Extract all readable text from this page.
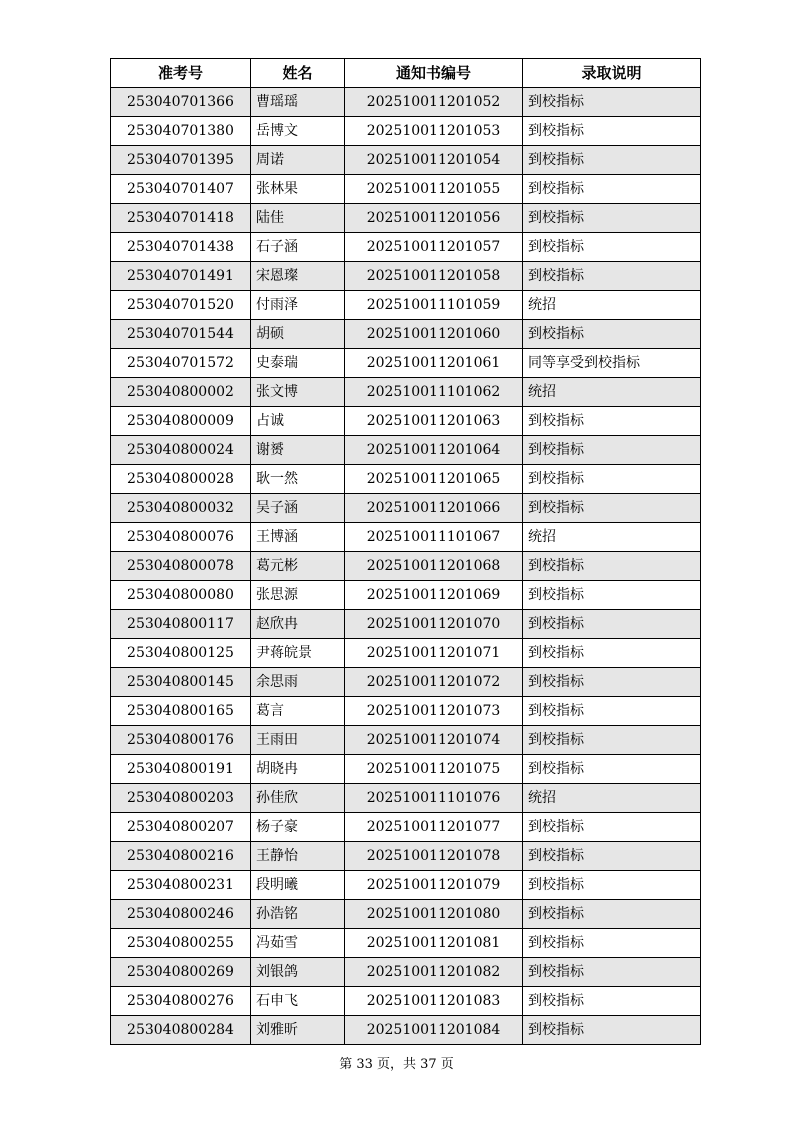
准考号	姓名	通知书编号	录取说明
253040701366	曹瑶瑶	202510011201052	到校指标
253040701380	岳博文	202510011201053	到校指标
253040701395	周诺	202510011201054	到校指标
253040701407	张林果	202510011201055	到校指标
253040701418	陆佳	202510011201056	到校指标
253040701438	石子涵	202510011201057	到校指标
253040701491	宋恩璨	202510011201058	到校指标
253040701520	付雨泽	202510011101059	统招
253040701544	胡硕	202510011201060	到校指标
253040701572	史泰瑞	202510011201061	同等享受到校指标
253040800002	张文博	202510011101062	统招
253040800009	占诚	202510011201063	到校指标
253040800024	谢赟	202510011201064	到校指标
253040800028	耿一然	202510011201065	到校指标
253040800032	吴子涵	202510011201066	到校指标
253040800076	王博涵	202510011101067	统招
253040800078	葛元彬	202510011201068	到校指标
253040800080	张思源	202510011201069	到校指标
253040800117	赵欣冉	202510011201070	到校指标
253040800125	尹蒋皖景	202510011201071	到校指标
253040800145	余思雨	202510011201072	到校指标
253040800165	葛言	202510011201073	到校指标
253040800176	王雨田	202510011201074	到校指标
253040800191	胡晓冉	202510011201075	到校指标
253040800203	孙佳欣	202510011101076	统招
253040800207	杨子豪	202510011201077	到校指标
253040800216	王静怡	202510011201078	到校指标
253040800231	段明曦	202510011201079	到校指标
253040800246	孙浩铭	202510011201080	到校指标
253040800255	冯茹雪	202510011201081	到校指标
253040800269	刘银鸽	202510011201082	到校指标
253040800276	石申飞	202510011201083	到校指标
253040800284	刘雅昕	202510011201084	到校指标
第 33 页，共 37 页
